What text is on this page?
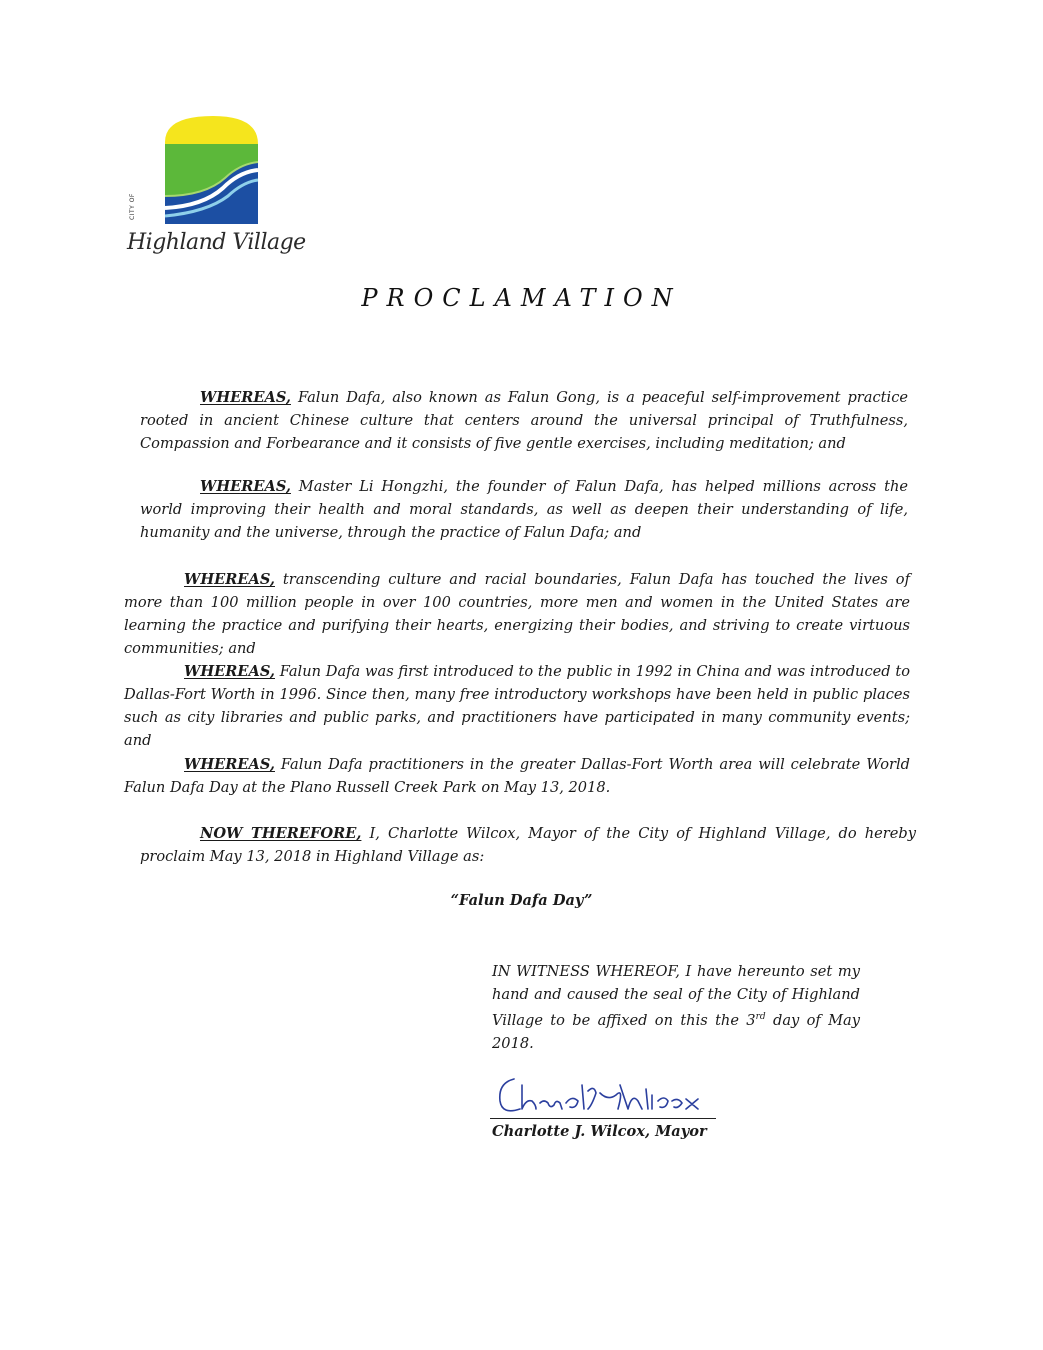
CITY OF
Highland Village
PROCLAMATION
WHEREAS, Falun Dafa, also known as Falun Gong, is a peaceful self-improvement practice rooted in ancient Chinese culture that centers around the universal principal of Truthfulness, Compassion and Forbearance and it consists of five gentle exercises, including meditation; and
WHEREAS, Master Li Hongzhi, the founder of Falun Dafa, has helped millions across the world improving their health and moral standards, as well as deepen their understanding of life, humanity and the universe, through the practice of Falun Dafa; and
WHEREAS, transcending culture and racial boundaries, Falun Dafa has touched the lives of more than 100 million people in over 100 countries, more men and women in the United States are learning the practice and purifying their hearts, energizing their bodies, and striving to create virtuous communities; and
WHEREAS, Falun Dafa was first introduced to the public in 1992 in China and was introduced to Dallas-Fort Worth in 1996. Since then, many free introductory workshops have been held in public places such as city libraries and public parks, and practitioners have participated in many community events; and
WHEREAS, Falun Dafa practitioners in the greater Dallas-Fort Worth area will celebrate World Falun Dafa Day at the Plano Russell Creek Park on May 13, 2018.
NOW THEREFORE, I, Charlotte Wilcox, Mayor of the City of Highland Village, do hereby proclaim May 13, 2018 in Highland Village as:
“Falun Dafa Day”
IN WITNESS WHEREOF, I have hereunto set my hand and caused the seal of the City of Highland Village to be affixed on this the 3rd day of May 2018.
Charlotte J. Wilcox, Mayor
